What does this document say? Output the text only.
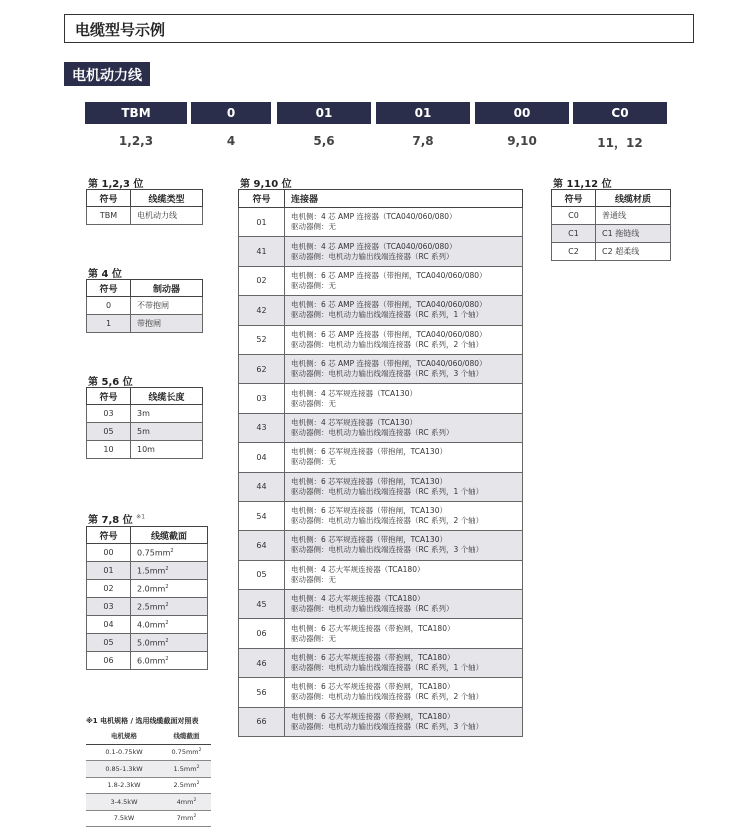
电缆型号示例
电机动力线
TBM	0	01	01	00	C0
1,2,3	4	5,6	7,8	9,10	11，12
第 1,2,3 位
符号	线缆类型
TBM	电机动力线
第 4 位
符号	制动器
0	不带抱闸
1	带抱闸
第 5,6 位
符号	线缆长度
03	3m
05	5m
10	10m
第 7,8 位 $^{※1}$
符号	线缆截面
00	$0.75mm^2$
01	$1.5mm^2$
02	$2.0mm^2$
03	$2.5mm^2$
04	$4.0mm^2$
05	$5.0mm^2$
06	$6.0mm^2$
第 9,10 位
符号	连接器
01	电机侧：4 芯 AMP 连接器（TCA040/060/080）
驱动器侧：无

41	电机侧：4 芯 AMP 连接器（TCA040/060/080）
驱动器侧：电机动力输出线端连接器（RC 系列）

02	电机侧：6 芯 AMP 连接器（带抱闸，TCA040/060/080）
驱动器侧：无

42	电机侧：6 芯 AMP 连接器（带抱闸，TCA040/060/080）
驱动器侧：电机动力输出线端连接器（RC 系列，1 个轴）

52	电机侧：6 芯 AMP 连接器（带抱闸，TCA040/060/080）
驱动器侧：电机动力输出线端连接器（RC 系列，2 个轴）

62	电机侧：6 芯 AMP 连接器（带抱闸，TCA040/060/080）
驱动器侧：电机动力输出线端连接器（RC 系列，3 个轴）

03	电机侧：4 芯军规连接器（TCA130）
驱动器侧：无

43	电机侧：4 芯军规连接器（TCA130）
驱动器侧：电机动力输出线端连接器（RC 系列）

04	电机侧：6 芯军规连接器（带抱闸，TCA130）
驱动器侧：无

44	电机侧：6 芯军规连接器（带抱闸，TCA130）
驱动器侧：电机动力输出线端连接器（RC 系列，1 个轴）

54	电机侧：6 芯军规连接器（带抱闸，TCA130）
驱动器侧：电机动力输出线端连接器（RC 系列，2 个轴）

64	电机侧：6 芯军规连接器（带抱闸，TCA130）
驱动器侧：电机动力输出线端连接器（RC 系列，3 个轴）

05	电机侧：4 芯大军规连接器（TCA180）
驱动器侧：无

45	电机侧：4 芯大军规连接器（TCA180）
驱动器侧：电机动力输出线端连接器（RC 系列）

06	电机侧：6 芯大军规连接器（带抱闸，TCA180）
驱动器侧：无

46	电机侧：6 芯大军规连接器（带抱闸，TCA180）
驱动器侧：电机动力输出线端连接器（RC 系列，1 个轴）

56	电机侧：6 芯大军规连接器（带抱闸，TCA180）
驱动器侧：电机动力输出线端连接器（RC 系列，2 个轴）

66	电机侧：6 芯大军规连接器（带抱闸，TCA180）
驱动器侧：电机动力输出线端连接器（RC 系列，3 个轴）
第 11,12 位
符号	线缆材质
C0	普通线
C1	C1 拖链线
C2	C2 超柔线
※1 电机规格 / 选用线缆截面对照表
电机规格	线缆截面
0.1-0.75kW	$0.75mm^2$
0.85-1.3kW	$1.5mm^2$
1.8-2.3kW	$2.5mm^2$
3-4.5kW	$4mm^2$
7.5kW	$7mm^2$
